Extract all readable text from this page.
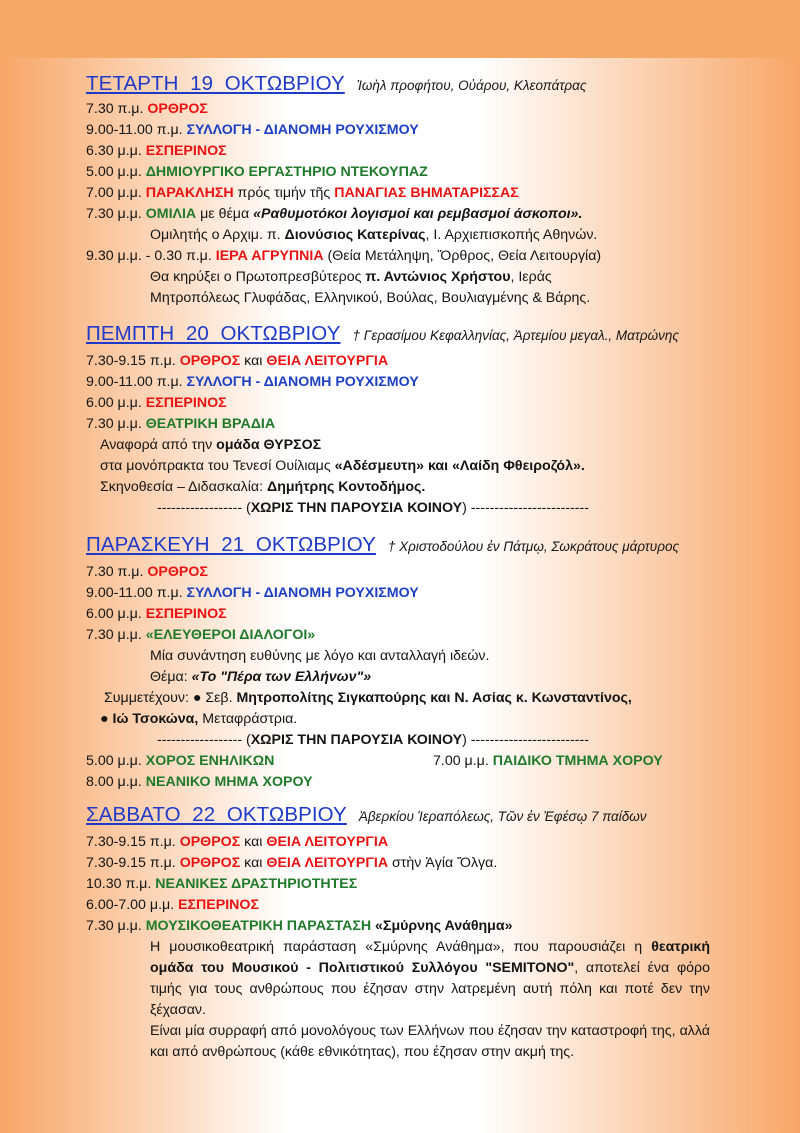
ΤΕΤΑΡΤΗ  19  ΟΚΤΩΒΡΙΟΥ Ἰωὴλ προφήτου, Οὐάρου, Κλεοπάτρας
7.30 π.μ. ΟΡΘΡΟΣ
9.00-11.00 π.μ. ΣΥΛΛΟΓΗ - ΔΙΑΝΟΜΗ ΡΟΥΧΙΣΜΟΥ
6.30 μ.μ. ΕΣΠΕΡΙΝΟΣ
5.00 μ.μ. ΔΗΜΙΟΥΡΓΙΚΟ ΕΡΓΑΣΤΗΡΙΟ ΝΤΕΚΟΥΠΑΖ
7.00 μ.μ. ΠΑΡΑΚΛΗΣΗ πρός τιμήν τῆς ΠΑΝΑΓΙΑΣ ΒΗΜΑΤΑΡΙΣΣΑΣ
7.30 μ.μ. ΟΜΙΛΙΑ με θέμα «Ραθυμοτόκοι λογισμοί και ρεμβασμοί άσκοποι».
Ομιλητής ο Αρχιμ. π. Διονύσιος Κατερίνας, Ι. Αρχιεπισκοπής Αθηνών.
9.30 μ.μ. - 0.30 π.μ. ΙΕΡΑ ΑΓΡΥΠΝΙΑ (Θεία Μετάληψη, Ὄρθρος, Θεία Λειτουργία)
Θα κηρύξει ο Πρωτοπρεσβύτερος π. Αντώνιος Χρήστου, Ιεράς
Μητροπόλεως Γλυφάδας, Ελληνικού, Βούλας, Βουλιαγμένης & Βάρης.
ΠΕΜΠΤΗ  20  ΟΚΤΩΒΡΙΟΥ † Γερασίμου Κεφαλληνίας, Ἀρτεμίου μεγαλ., Ματρώνης
7.30-9.15 π.μ. ΟΡΘΡΟΣ και ΘΕΙΑ ΛΕΙΤΟΥΡΓΙΑ
9.00-11.00 π.μ. ΣΥΛΛΟΓΗ - ΔΙΑΝΟΜΗ ΡΟΥΧΙΣΜΟΥ
6.00 μ.μ. ΕΣΠΕΡΙΝΟΣ
7.30 μ.μ. ΘΕΑΤΡΙΚΗ ΒΡΑΔΙΑ
Αναφορά από την ομάδα ΘΥΡΣΟΣ
στα μονόπρακτα του Τενεσί Ουίλιαμς «Αδέσμευτη» και «Λαίδη Φθειροζόλ».
Σκηνοθεσία – Διδασκαλία: Δημήτρης Κοντοδήμος.
------------------ (ΧΩΡΙΣ ΤΗΝ ΠΑΡΟΥΣΙΑ ΚΟΙΝΟΥ) -------------------------
ΠΑΡΑΣΚΕΥΗ  21  ΟΚΤΩΒΡΙΟΥ † Χριστοδούλου ἐν Πάτμῳ, Σωκράτους μάρτυρος
7.30 π.μ. ΟΡΘΡΟΣ
9.00-11.00 π.μ. ΣΥΛΛΟΓΗ - ΔΙΑΝΟΜΗ ΡΟΥΧΙΣΜΟΥ
6.00 μ.μ. ΕΣΠΕΡΙΝΟΣ
7.30 μ.μ. «ΕΛΕΥΘΕΡΟΙ ΔΙΑΛΟΓΟΙ»
Μία συνάντηση ευθύνης με λόγο και ανταλλαγή ιδεών.
Θέμα: «Το "Πέρα των Ελλήνων"»
Συμμετέχουν: ● Σεβ. Μητροπολίτης Σιγκαπούρης και Ν. Ασίας κ. Κωνσταντίνος,
● Ιώ Τσοκώνα, Μεταφράστρια.
------------------ (ΧΩΡΙΣ ΤΗΝ ΠΑΡΟΥΣΙΑ ΚΟΙΝΟΥ) -------------------------
5.00 μ.μ. ΧΟΡΟΣ ΕΝΗΛΙΚΩΝ	7.00 μ.μ. ΠΑΙΔΙΚΟ ΤΜΗΜΑ ΧΟΡΟΥ
8.00 μ.μ. ΝΕΑΝΙΚΟ ΜΗΜΑ ΧΟΡΟΥ
ΣΑΒΒΑΤΟ  22  ΟΚΤΩΒΡΙΟΥ Ἀβερκίου Ἱεραπόλεως, Τῶν ἐν Ἐφέσῳ 7 παίδων
7.30-9.15 π.μ. ΟΡΘΡΟΣ και ΘΕΙΑ ΛΕΙΤΟΥΡΓΙΑ
7.30-9.15 π.μ. ΟΡΘΡΟΣ και ΘΕΙΑ ΛΕΙΤΟΥΡΓΙΑ στὴν Ἁγία Ὄλγα.
10.30 π.μ. ΝΕΑΝΙΚΕΣ ΔΡΑΣΤΗΡΙΟΤΗΤΕΣ
6.00-7.00 μ.μ. ΕΣΠΕΡΙΝΟΣ
7.30 μ.μ. ΜΟΥΣΙΚΟΘΕΑΤΡΙΚΗ ΠΑΡΑΣΤΑΣΗ «Σμύρνης Ανάθημα»
Η μουσικοθεατρική παράσταση «Σμύρνης Ανάθημα», που παρουσιάζει η θεατρική ομάδα του Μουσικού - Πολιτιστικού Συλλόγου "SEMITONO", αποτελεί ένα φόρο τιμής για τους ανθρώπους που έζησαν στην λατρεμένη αυτή πόλη και ποτέ δεν την ξέχασαν.
Είναι μία συρραφή από μονολόγους των Ελλήνων που έζησαν την καταστροφή της, αλλά και από ανθρώπους (κάθε εθνικότητας), που έζησαν στην ακμή της.
